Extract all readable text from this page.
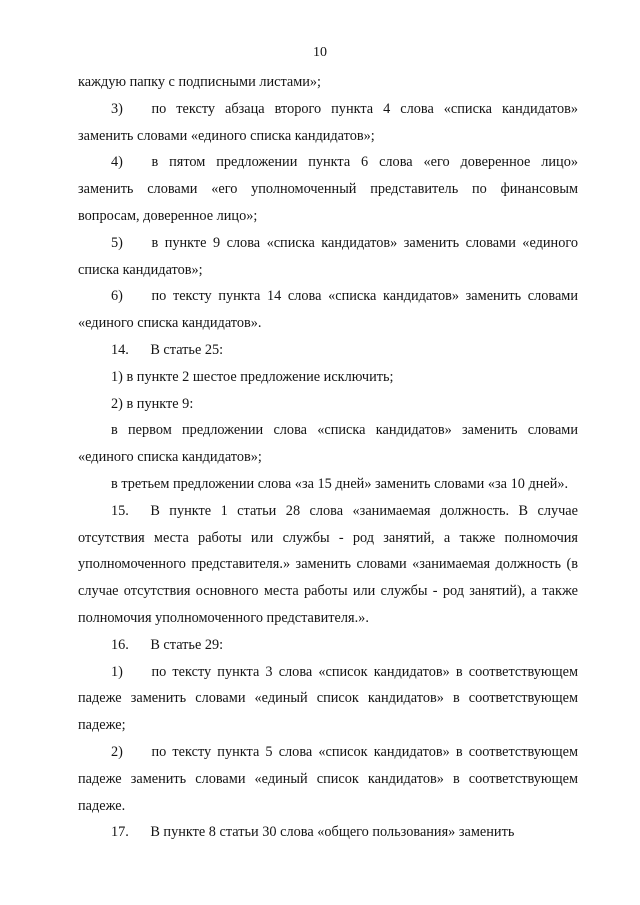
10

каждую папку с подписными листами»;

3)  по тексту абзаца второго пункта 4 слова «списка кандидатов» заменить словами «единого списка кандидатов»;

4)  в пятом предложении пункта 6 слова «его доверенное лицо» заменить словами «его уполномоченный представитель по финансовым вопросам, доверенное лицо»;

5)  в пункте 9 слова «списка кандидатов» заменить словами «единого списка кандидатов»;

6)  по тексту пункта 14 слова «списка кандидатов» заменить словами «единого списка кандидатов».

14.  В статье 25:

1) в пункте 2 шестое предложение исключить;

2) в пункте 9:

в первом предложении слова «списка кандидатов» заменить словами «единого списка кандидатов»;

в третьем предложении слова «за 15 дней» заменить словами «за 10 дней».

15.  В пункте 1 статьи 28 слова «занимаемая должность. В случае отсутствия места работы или службы - род занятий, а также полномочия уполномоченного представителя.» заменить словами «занимаемая должность (в случае отсутствия основного места работы или службы - род занятий), а также полномочия уполномоченного представителя.».

16.  В статье 29:

1)  по тексту пункта 3 слова «список кандидатов» в соответствующем падеже заменить словами «единый список кандидатов» в соответствующем падеже;

2)  по тексту пункта 5 слова «список кандидатов» в соответствующем падеже заменить словами «единый список кандидатов» в соответствующем падеже.

17.  В пункте 8 статьи 30 слова «общего пользования» заменить
